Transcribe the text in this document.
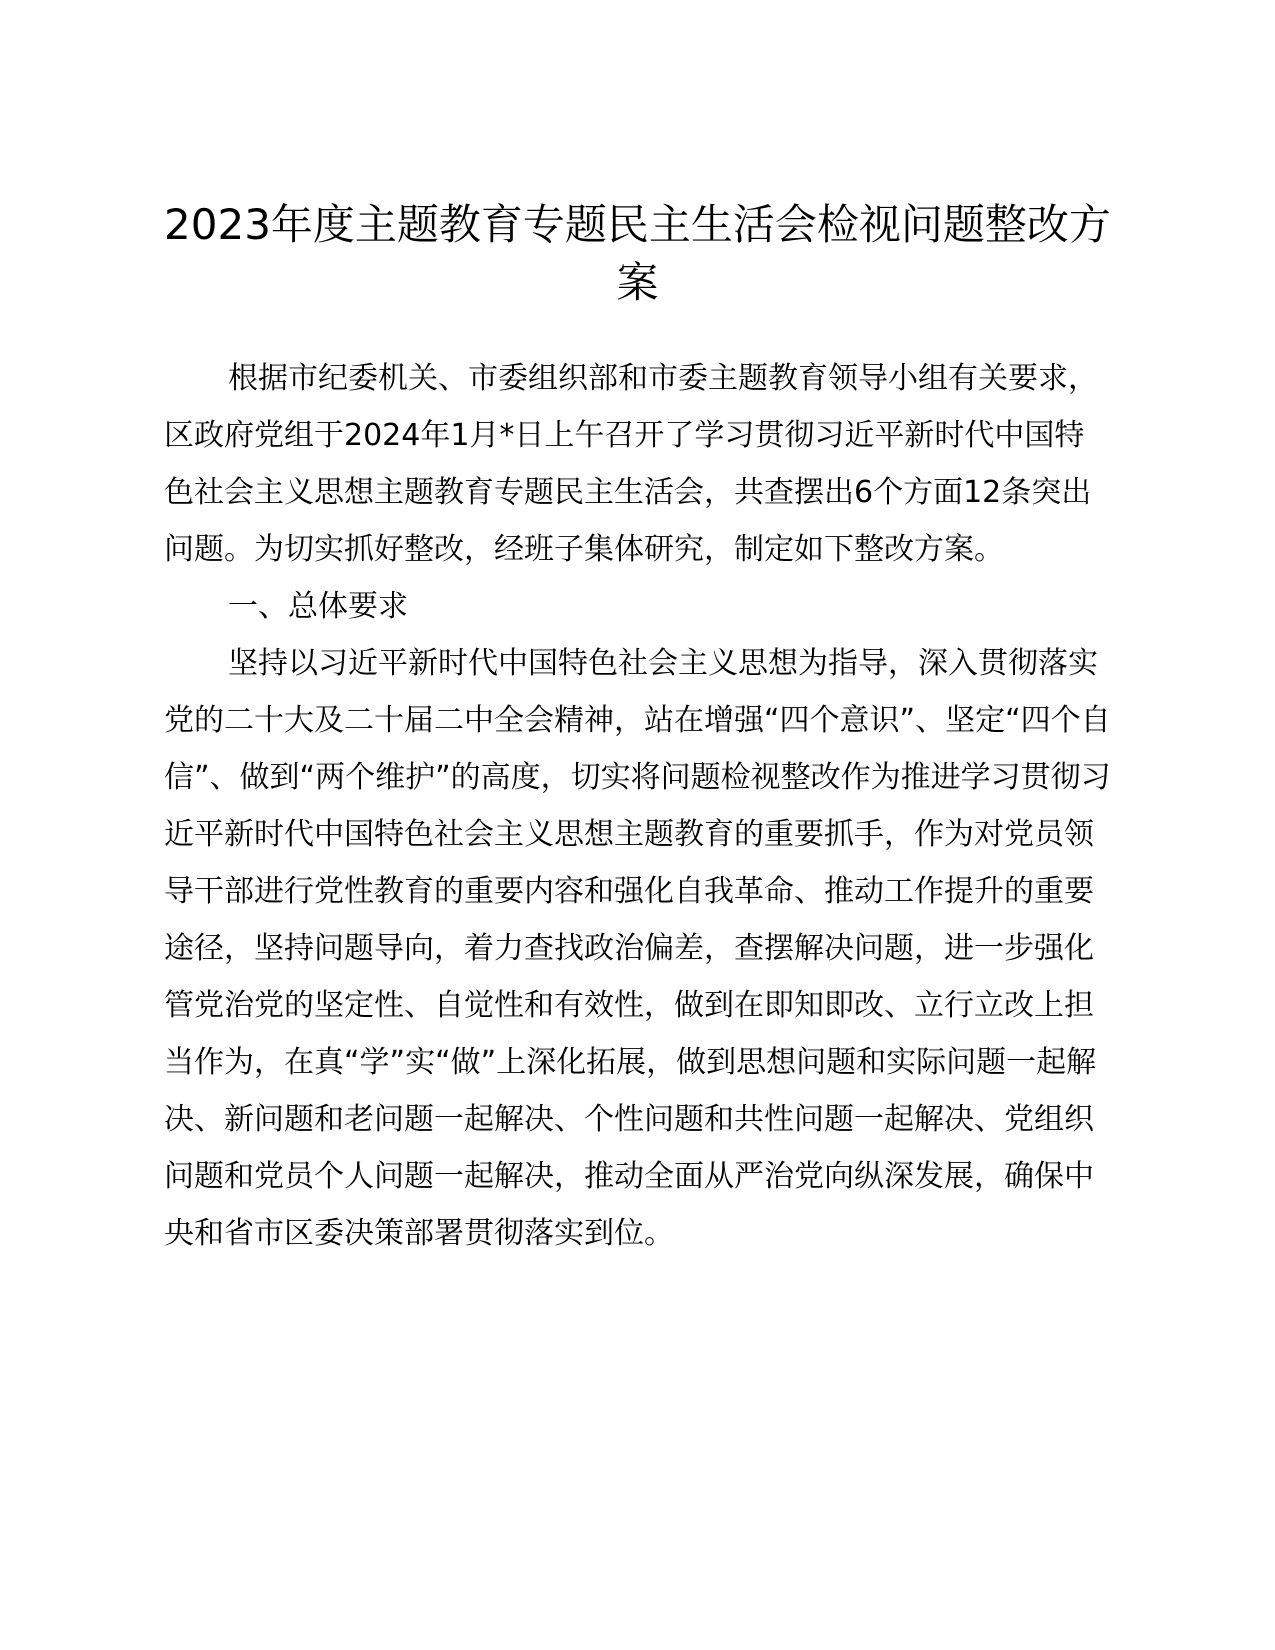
2023年度主题教育专题民主生活会检视问题整改方案

根据市纪委机关、市委组织部和市委主题教育领导小组有关要求，区政府党组于2024年1月*日上午召开了学习贯彻习近平新时代中国特色社会主义思想主题教育专题民主生活会，共查摆出6个方面12条突出问题。为切实抓好整改，经班子集体研究，制定如下整改方案。

一、总体要求

坚持以习近平新时代中国特色社会主义思想为指导，深入贯彻落实党的二十大及二十届二中全会精神，站在增强“四个意识”、坚定“四个自信”、做到“两个维护”的高度，切实将问题检视整改作为推进学习贯彻习近平新时代中国特色社会主义思想主题教育的重要抓手，作为对党员领导干部进行党性教育的重要内容和强化自我革命、推动工作提升的重要途径，坚持问题导向，着力查找政治偏差，查摆解决问题，进一步强化管党治党的坚定性、自觉性和有效性，做到在即知即改、立行立改上担当作为，在真“学”实“做”上深化拓展，做到思想问题和实际问题一起解决、新问题和老问题一起解决、个性问题和共性问题一起解决、党组织问题和党员个人问题一起解决，推动全面从严治党向纵深发展，确保中央和省市区委决策部署贯彻落实到位。
